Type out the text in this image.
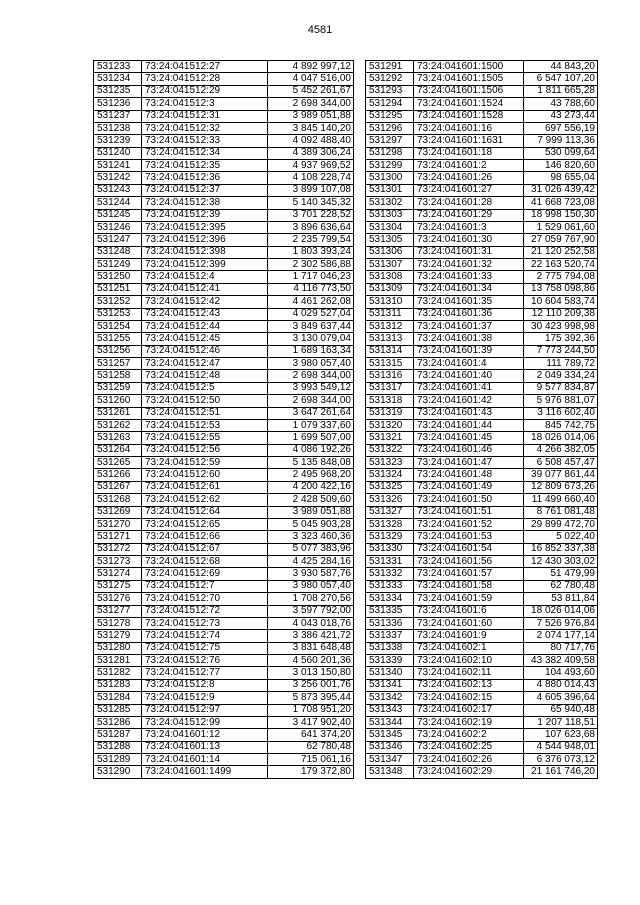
4581
531233	73:24:041512:27	4 892 997,12
531234	73:24:041512:28	4 047 516,00
531235	73:24:041512:29	5 452 261,67
531236	73:24:041512:3	2 698 344,00
531237	73:24:041512:31	3 989 051,88
531238	73:24:041512:32	3 845 140,20
531239	73:24:041512:33	4 092 488,40
531240	73:24:041512:34	4 389 306,24
531241	73:24:041512:35	4 937 969,52
531242	73:24:041512:36	4 108 228,74
531243	73:24:041512:37	3 899 107,08
531244	73:24:041512:38	5 140 345,32
531245	73:24:041512:39	3 701 228,52
531246	73:24:041512:395	3 896 636,64
531247	73:24:041512:396	2 235 799,54
531248	73:24:041512:398	1 803 393,24
531249	73:24:041512:399	2 302 586,88
531250	73:24:041512:4	1 717 046,23
531251	73:24:041512:41	4 116 773,50
531252	73:24:041512:42	4 461 262,08
531253	73:24:041512:43	4 029 527,04
531254	73:24:041512:44	3 849 637,44
531255	73:24:041512:45	3 130 079,04
531256	73:24:041512:46	1 689 163,34
531257	73:24:041512:47	3 980 057,40
531258	73:24:041512:48	2 698 344,00
531259	73:24:041512:5	3 993 549,12
531260	73:24:041512:50	2 698 344,00
531261	73:24:041512:51	3 647 261,64
531262	73:24:041512:53	1 079 337,60
531263	73:24:041512:55	1 699 507,00
531264	73:24:041512:56	4 086 192,26
531265	73:24:041512:59	5 135 848,08
531266	73:24:041512:60	2 495 968,20
531267	73:24:041512:61	4 200 422,16
531268	73:24:041512:62	2 428 509,60
531269	73:24:041512:64	3 989 051,88
531270	73:24:041512:65	5 045 903,28
531271	73:24:041512:66	3 323 460,36
531272	73:24:041512:67	5 077 383,96
531273	73:24:041512:68	4 425 284,16
531274	73:24:041512:69	3 930 587,76
531275	73:24:041512:7	3 980 057,40
531276	73:24:041512:70	1 708 270,56
531277	73:24:041512:72	3 597 792,00
531278	73:24:041512:73	4 043 018,76
531279	73:24:041512:74	3 386 421,72
531280	73:24:041512:75	3 831 648,48
531281	73:24:041512:76	4 560 201,36
531282	73:24:041512:77	3 013 150,80
531283	73:24:041512:8	3 256 001,76
531284	73:24:041512:9	5 873 395,44
531285	73:24:041512:97	1 708 951,20
531286	73:24:041512:99	3 417 902,40
531287	73:24:041601:12	641 374,20
531288	73:24:041601:13	62 780,48
531289	73:24:041601:14	715 061,16
531290	73:24:041601:1499	179 372,80
531291	73:24:041601:1500	44 843,20
531292	73:24:041601:1505	6 547 107,20
531293	73:24:041601:1506	1 811 665,28
531294	73:24:041601:1524	43 788,60
531295	73:24:041601:1528	43 273,44
531296	73:24:041601:16	697 556,19
531297	73:24:041601:1631	7 999 113,36
531298	73:24:041601:18	530 099,64
531299	73:24:041601:2	146 820,60
531300	73:24:041601:26	98 655,04
531301	73:24:041601:27	31 026 439,42
531302	73:24:041601:28	41 668 723,08
531303	73:24:041601:29	18 998 150,30
531304	73:24:041601:3	1 529 061,60
531305	73:24:041601:30	27 059 767,90
531306	73:24:041601:31	21 120 252,58
531307	73:24:041601:32	22 163 520,74
531308	73:24:041601:33	2 775 794,08
531309	73:24:041601:34	13 758 098,86
531310	73:24:041601:35	10 604 583,74
531311	73:24:041601:36	12 110 209,38
531312	73:24:041601:37	30 423 998,98
531313	73:24:041601:38	175 392,36
531314	73:24:041601:39	7 773 244,50
531315	73:24:041601:4	111 789,72
531316	73:24:041601:40	2 049 334,24
531317	73:24:041601:41	9 577 834,87
531318	73:24:041601:42	5 976 881,07
531319	73:24:041601:43	3 116 602,40
531320	73:24:041601:44	845 742,75
531321	73:24:041601:45	18 026 014,06
531322	73:24:041601:46	4 266 382,05
531323	73:24:041601:47	6 508 457,47
531324	73:24:041601:48	39 077 861,44
531325	73:24:041601:49	12 809 673,26
531326	73:24:041601:50	11 499 660,40
531327	73:24:041601:51	8 761 081,48
531328	73:24:041601:52	29 899 472,70
531329	73:24:041601:53	5 022,40
531330	73:24:041601:54	16 852 337,38
531331	73:24:041601:56	12 430 303,02
531332	73:24:041601:57	51 479,99
531333	73:24:041601:58	62 780,48
531334	73:24:041601:59	53 811,84
531335	73:24:041601:6	18 026 014,06
531336	73:24:041601:60	7 526 976,84
531337	73:24:041601:9	2 074 177,14
531338	73:24:041602:1	80 717,76
531339	73:24:041602:10	43 382 409,58
531340	73:24:041602:11	104 493,60
531341	73:24:041602:13	4 880 014,43
531342	73:24:041602:15	4 605 396,64
531343	73:24:041602:17	65 940,48
531344	73:24:041602:19	1 207 118,51
531345	73:24:041602:2	107 623,68
531346	73:24:041602:25	4 544 948,01
531347	73:24:041602:26	6 376 073,12
531348	73:24:041602:29	21 161 746,20
